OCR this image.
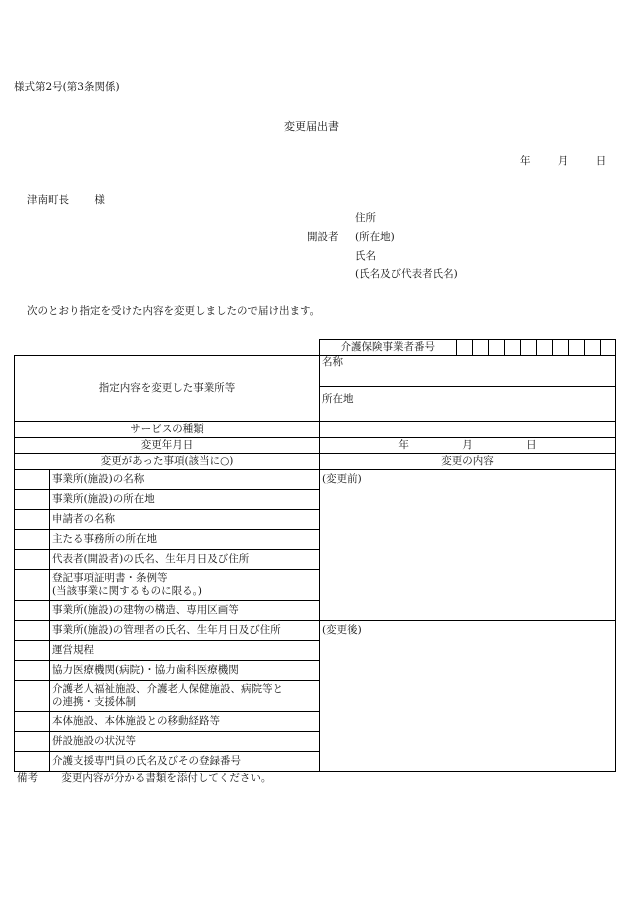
様式第2号(第3条関係)
変更届出書
年	月	日
津南町長 様
住所
開設者 (所在地)
氏名
(氏名及び代表者氏名)
次のとおり指定を受けた内容を変更しましたので届け出ます。

介護保険事業者番号										

指定内容を変更した事業所等	名称
所在地
サービスの種類	
変更年月日	年	月	日
変更があった事項(該当に○)	変更の内容
	事業所(施設)の名称	(変更前)
	事業所(施設)の所在地
	申請者の名称
	主たる事務所の所在地
	代表者(開設者)の氏名、生年月日及び住所

登記事項証明書・条例等
(当該事業に関するものに限る。)

	事業所(施設)の建物の構造、専用区画等
	事業所(施設)の管理者の氏名、生年月日及び住所	(変更後)
	運営規程
	協力医療機関(病院)・協力歯科医療機関

介護老人福祉施設、介護老人保健施設、病院等と
の連携・支援体制

	本体施設、本体施設との移動経路等
	併設施設の状況等
	介護支援専門員の氏名及びその登録番号
備考 変更内容が分かる書類を添付してください。
